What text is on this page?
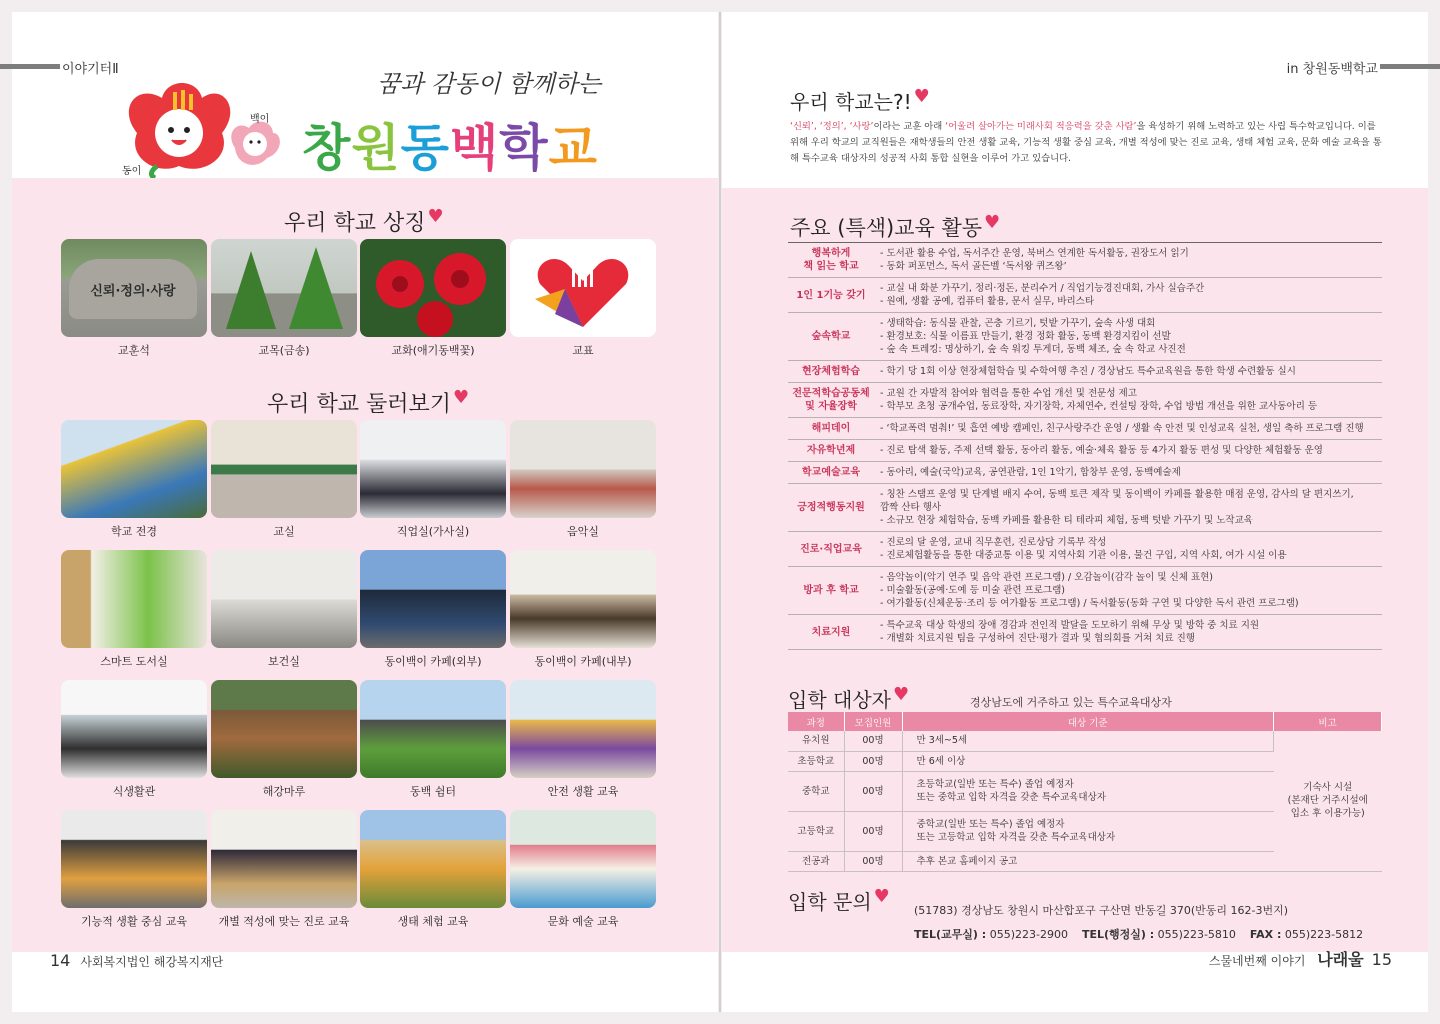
이야기터Ⅱ
동이
백이
꿈과 감동이 함께하는
창원동백학교
우리 학교 상징 ♥
신뢰·정의·사랑
교훈석	교목(금송)	교화(애기동백꽃)	교표
우리 학교 둘러보기 ♥
학교 전경	교실	직업실(가사실)	음악실
스마트 도서실	보건실	동이백이 카페(외부)	동이백이 카페(내부)
식생활관	해강마루	동백 쉼터	안전 생활 교육
기능적 생활 중심 교육	개별 적성에 맞는 진로 교육	생태 체험 교육	문화 예술 교육
14 사회복지법인 해강복지재단
in 창원동백학교
우리 학교는?! ♥
‘신뢰’, ‘정의’, ‘사랑’이라는 교훈 아래 ‘어울려 살아가는 미래사회 적응력을 갖춘 사람’을 육성하기 위해 노력하고 있는 사립 특수학교입니다. 이를 위해 우리 학교의 교직원들은 재학생들의 안전 생활 교육, 기능적 생활 중심 교육, 개별 적성에 맞는 진로 교육, 생태 체험 교육, 문화 예술 교육을 통해 특수교육 대상자의 성공적 사회 통합 실현을 이루어 가고 있습니다.
주요 (특색)교육 활동 ♥
행복하게
책 읽는 학교
- 도서관 활용 수업, 독서주간 운영, 북버스 연계한 독서활동, 권장도서 읽기
- 동화 퍼포먼스, 독서 골든벨 ‘독서왕 퀴즈왕’
1인 1기능 갖기
- 교실 내 화분 가꾸기, 정리·정돈, 분리수거 / 직업기능경진대회, 가사 실습주간
- 원예, 생활 공예, 컴퓨터 활용, 문서 실무, 바리스타
숲속학교
- 생태학습: 동식물 관찰, 곤충 기르기, 텃밭 가꾸기, 숲속 사생 대회
- 환경보호: 식물 이름표 만들기, 환경 정화 활동, 동백 환경지킴이 선발
- 숲 속 트레킹: 명상하기, 숲 속 워킹 투게더, 동백 체조, 숲 속 학교 사진전
현장체험학습	- 학기 당 1회 이상 현장체험학습 및 수학여행 추진 / 경상남도 특수교육원을 통한 학생 수련활동 실시
전문적학습공동체
및 자율장학
- 교원 간 자발적 참여와 협력을 통한 수업 개선 및 전문성 제고
- 학부모 초청 공개수업, 동료장학, 자기장학, 자체연수, 컨설팅 장학, 수업 방법 개선을 위한 교사동아리 등
해피데이	- ‘학교폭력 멈춰!’ 및 흡연 예방 캠페인, 친구사랑주간 운영 / 생활 속 안전 및 인성교육 실천, 생일 축하 프로그램 진행
자유학년제	- 진로 탐색 활동, 주제 선택 활동, 동아리 활동, 예술·체육 활동 등 4가지 활동 편성 및 다양한 체험활동 운영
학교예술교육	- 동아리, 예술(국악)교육, 공연관람, 1인 1악기, 합창부 운영, 동백예술제
긍정적행동지원
- 칭찬 스탬프 운영 및 단계별 배지 수여, 동백 토큰 제작 및 동이백이 카페를 활용한 매점 운영, 감사의 달 편지쓰기,
깜짝 산타 행사
- 소규모 현장 체험학습, 동백 카페를 활용한 티 테라피 체험, 동백 텃밭 가꾸기 및 노작교육
진로·직업교육
- 진로의 달 운영, 교내 직무훈련, 진로상담 기록부 작성
- 진로체험활동을 통한 대중교통 이용 및 지역사회 기관 이용, 물건 구입, 지역 사회, 여가 시설 이용
방과 후 학교
- 음악놀이(악기 연주 및 음악 관련 프로그램) / 오감놀이(감각 놀이 및 신체 표현)
- 미술활동(공예·도예 등 미술 관련 프로그램)
- 여가활동(신체운동·조리 등 여가활동 프로그램) / 독서활동(동화 구연 및 다양한 독서 관련 프로그램)
치료지원
- 특수교육 대상 학생의 장애 경감과 전인적 발달을 도모하기 위해 무상 및 방학 중 치료 지원
- 개별화 치료지원 팀을 구성하여 진단·평가 결과 및 협의회를 거쳐 치료 진행
입학 대상자 ♥	경상남도에 거주하고 있는 특수교육대상자
과정	모집인원	대상 기준	비고
유치원	00명	만 3세~5세	기숙사 시설
(본재단 거주시설에
입소 후 이용가능)
초등학교	00명	만 6세 이상	
중학교	00명	초등학교(일반 또는 특수) 졸업 예정자
또는 중학교 입학 자격을 갖춘 특수교육대상자	
고등학교	00명	중학교(일반 또는 특수) 졸업 예정자
또는 고등학교 입학 자격을 갖춘 특수교육대상자	
전공과	00명	추후 본교 홈페이지 공고	
입학 문의 ♥
(51783) 경상남도 창원시 마산합포구 구산면 반동길 370(반동리 162-3번지)
TEL(교무실) : 055)223-2900 TEL(행정실) : 055)223-5810 FAX : 055)223-5812
스물네번째 이야기 나래울 15
